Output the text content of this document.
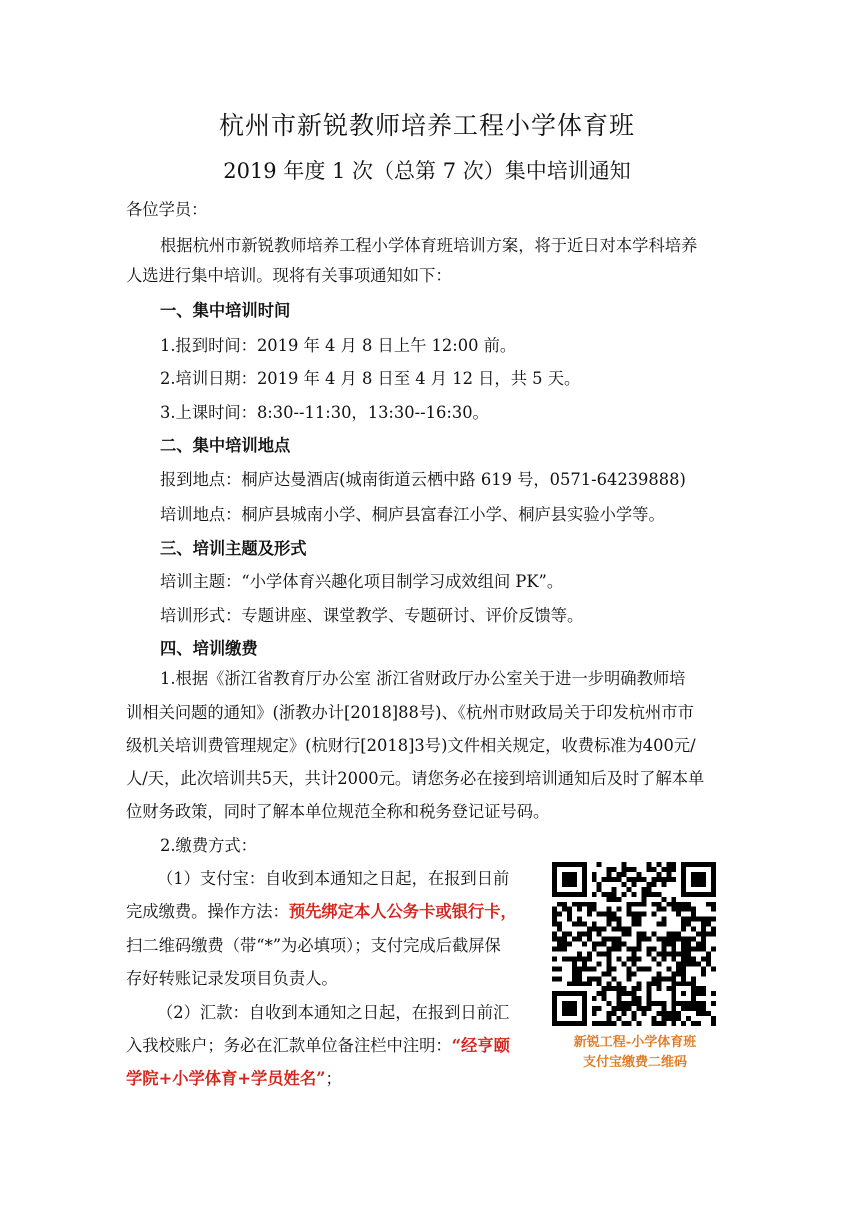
杭州市新锐教师培养工程小学体育班
2019 年度 1 次（总第 7 次）集中培训通知
各位学员：
根据杭州市新锐教师培养工程小学体育班培训方案，将于近日对本学科培养
人选进行集中培训。现将有关事项通知如下：
一、集中培训时间
1.报到时间：2019 年 4 月 8 日上午 12:00 前。
2.培训日期：2019 年 4 月 8 日至 4 月 12 日，共 5 天。
3.上课时间：8:30--11:30，13:30--16:30。
二、集中培训地点
报到地点：桐庐达曼酒店(城南街道云栖中路 619 号，0571-64239888)
培训地点：桐庐县城南小学、桐庐县富春江小学、桐庐县实验小学等。
三、培训主题及形式
培训主题：“小学体育兴趣化项目制学习成效组间 PK”。
培训形式：专题讲座、课堂教学、专题研讨、评价反馈等。
四、培训缴费
1.根据《浙江省教育厅办公室 浙江省财政厅办公室关于进一步明确教师培
训相关问题的通知》(浙教办计[2018]88号)、《杭州市财政局关于印发杭州市市
级机关培训费管理规定》(杭财行[2018]3号)文件相关规定，收费标准为400元/
人/天，此次培训共5天，共计2000元。请您务必在接到培训通知后及时了解本单
位财务政策，同时了解本单位规范全称和税务登记证号码。
2.缴费方式：
（1）支付宝：自收到本通知之日起，在报到日前
完成缴费。操作方法：预先绑定本人公务卡或银行卡，
扫二维码缴费（带“*”为必填项）；支付完成后截屏保
存好转账记录发项目负责人。
（2）汇款：自收到本通知之日起，在报到日前汇
入我校账户；务必在汇款单位备注栏中注明：“经亨颐
学院+小学体育+学员姓名”；
新锐工程-小学体育班
支付宝缴费二维码
